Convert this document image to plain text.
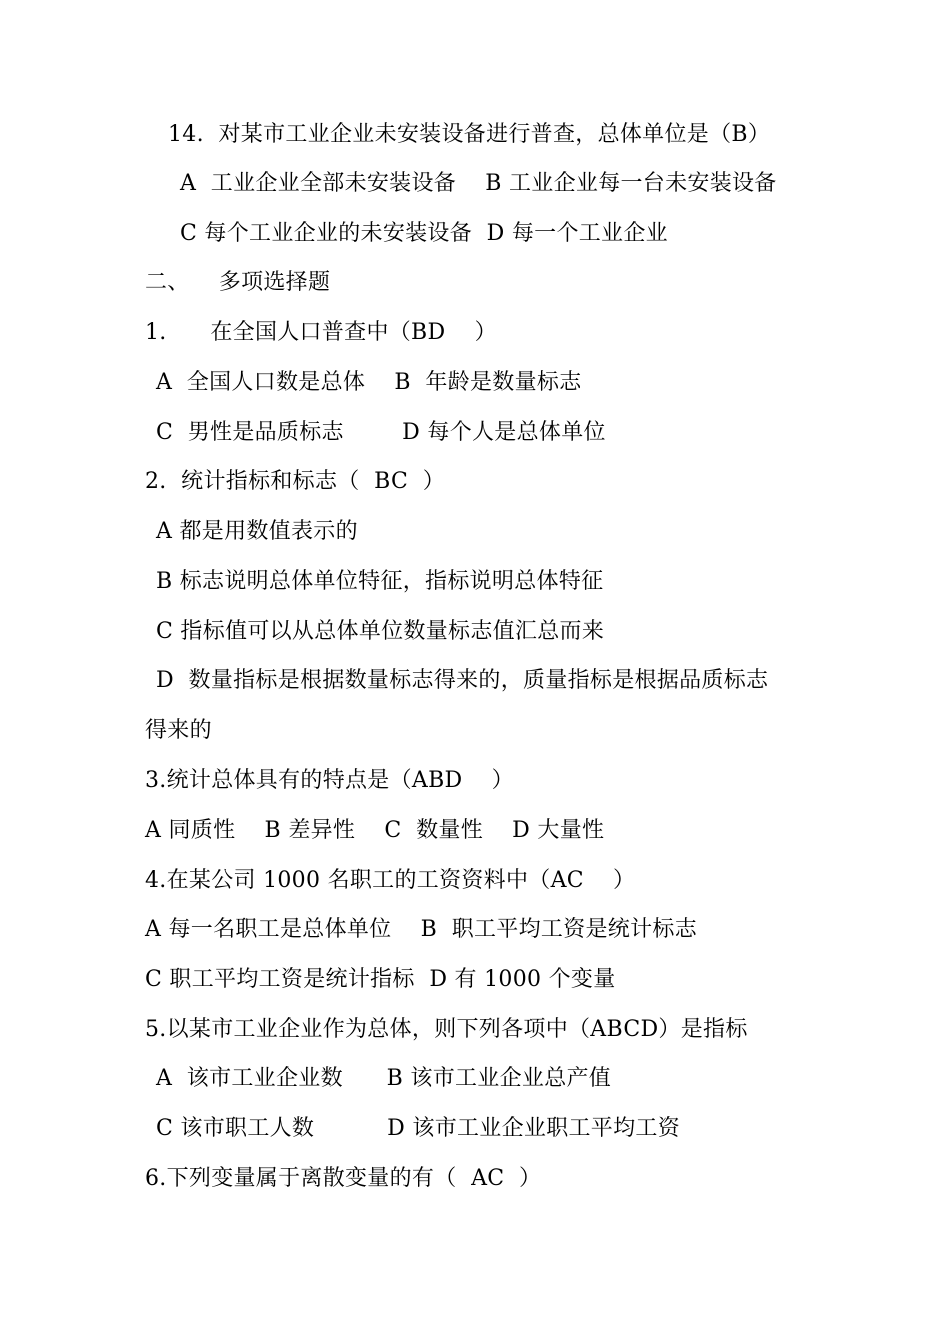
14.  对某市工业企业未安装设备进行普查，总体单位是（B）
A  工业企业全部未安装设备    B 工业企业每一台未安装设备
C 每个工业企业的未安装设备  D 每一个工业企业
二、    多项选择题
1.      在全国人口普查中（BD    ）
A  全国人口数是总体    B  年龄是数量标志
C  男性是品质标志        D 每个人是总体单位
2.  统计指标和标志（  BC  ）
A 都是用数值表示的
B 标志说明总体单位特征，指标说明总体特征
C 指标值可以从总体单位数量标志值汇总而来
D  数量指标是根据数量标志得来的，质量指标是根据品质标志
得来的
3.统计总体具有的特点是（ABD    ）
A 同质性    B 差异性    C  数量性    D 大量性
4.在某公司 1000 名职工的工资资料中（AC    ）
A 每一名职工是总体单位    B  职工平均工资是统计标志
C 职工平均工资是统计指标  D 有 1000 个变量
5.以某市工业企业作为总体，则下列各项中（ABCD）是指标
A  该市工业企业数      B 该市工业企业总产值
C 该市职工人数          D 该市工业企业职工平均工资
6.下列变量属于离散变量的有（  AC  ）
